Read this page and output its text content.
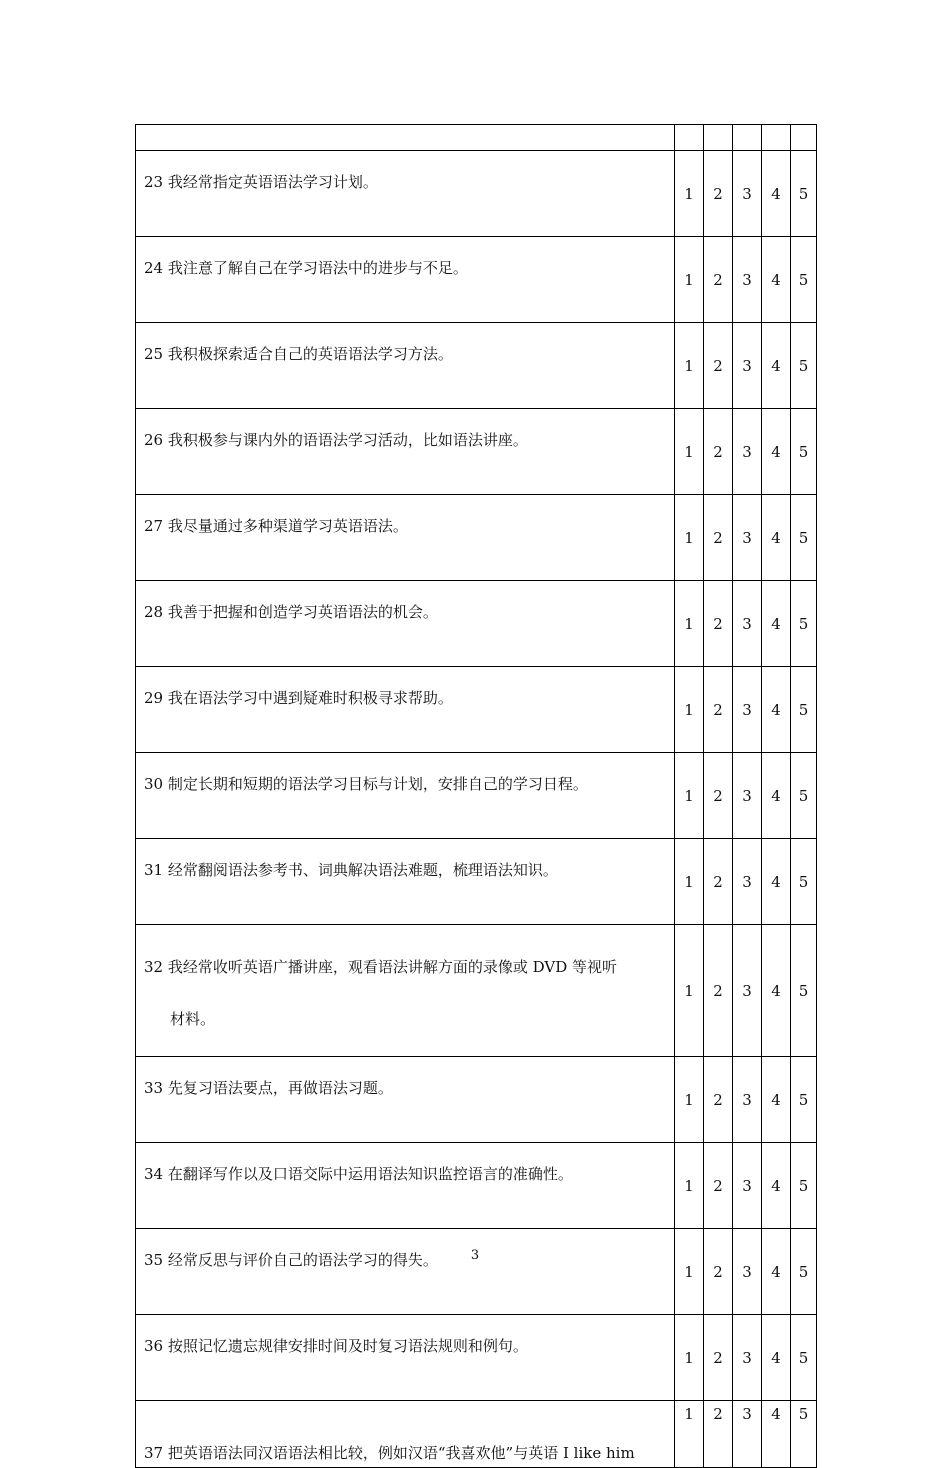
23 我经常指定英语语法学习计划。	1	2	3	4	5
24 我注意了解自己在学习语法中的进步与不足。	1	2	3	4	5
25 我积极探索适合自己的英语语法学习方法。	1	2	3	4	5
26 我积极参与课内外的语语法学习活动，比如语法讲座。	1	2	3	4	5
27 我尽量通过多种渠道学习英语语法。	1	2	3	4	5
28 我善于把握和创造学习英语语法的机会。	1	2	3	4	5
29 我在语法学习中遇到疑难时积极寻求帮助。	1	2	3	4	5
30 制定长期和短期的语法学习目标与计划，安排自己的学习日程。	1	2	3	4	5
31 经常翻阅语法参考书、词典解决语法难题，梳理语法知识。	1	2	3	4	5
32 我经常收听英语广播讲座，观看语法讲解方面的录像或 DVD 等视听
材料。	1	2	3	4	5
33 先复习语法要点，再做语法习题。	1	2	3	4	5
34 在翻译写作以及口语交际中运用语法知识监控语言的准确性。	1	2	3	4	5
35 经常反思与评价自己的语法学习的得失。	1	2	3	4	5
36 按照记忆遗忘规律安排时间及时复习语法规则和例句。	1	2	3	4	5
37 把英语语法同汉语语法相比较，例如汉语“我喜欢他”与英语 I like him	1	2	3	4	5
3
